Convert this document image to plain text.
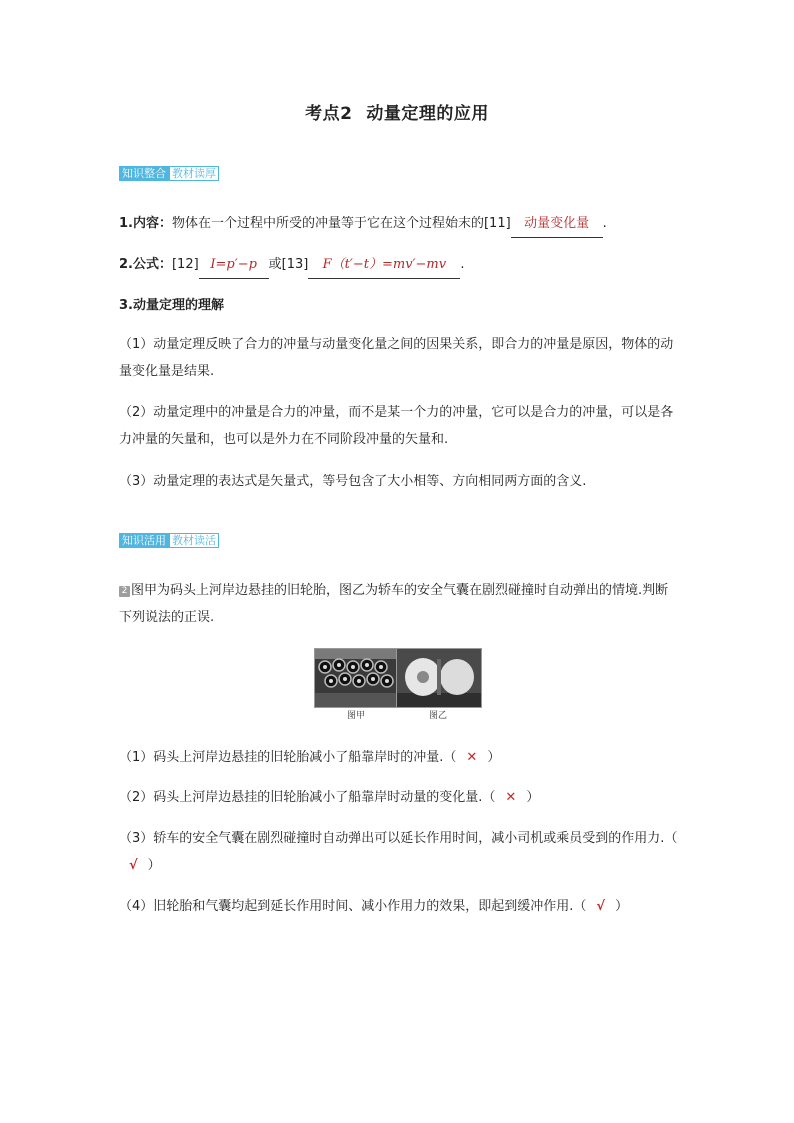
考点2 动量定理的应用
知识整合 教材读厚
1.内容：物体在一个过程中所受的冲量等于它在这个过程始末的[11] 动量变化量 .
2.公式：[12] I=p′−p 或[13] F（t′−t）=mv′−mv .
3.动量定理的理解
（1）动量定理反映了合力的冲量与动量变化量之间的因果关系，即合力的冲量是原因，物体的动量变化量是结果.
（2）动量定理中的冲量是合力的冲量，而不是某一个力的冲量，它可以是合力的冲量，可以是各力冲量的矢量和，也可以是外力在不同阶段冲量的矢量和.
（3）动量定理的表达式是矢量式，等号包含了大小相等、方向相同两方面的含义.
知识活用 教材读活
2 图甲为码头上河岸边悬挂的旧轮胎，图乙为轿车的安全气囊在剧烈碰撞时自动弹出的情境.判断下列说法的正误.
图甲	图乙
（1）码头上河岸边悬挂的旧轮胎减小了船靠岸时的冲量.（ ✕ ）
（2）码头上河岸边悬挂的旧轮胎减小了船靠岸时动量的变化量.（ ✕ ）
（3）轿车的安全气囊在剧烈碰撞时自动弹出可以延长作用时间，减小司机或乘员受到的作用力.（√ ）
（4）旧轮胎和气囊均起到延长作用时间、减小作用力的效果，即起到缓冲作用.（ √ ）
